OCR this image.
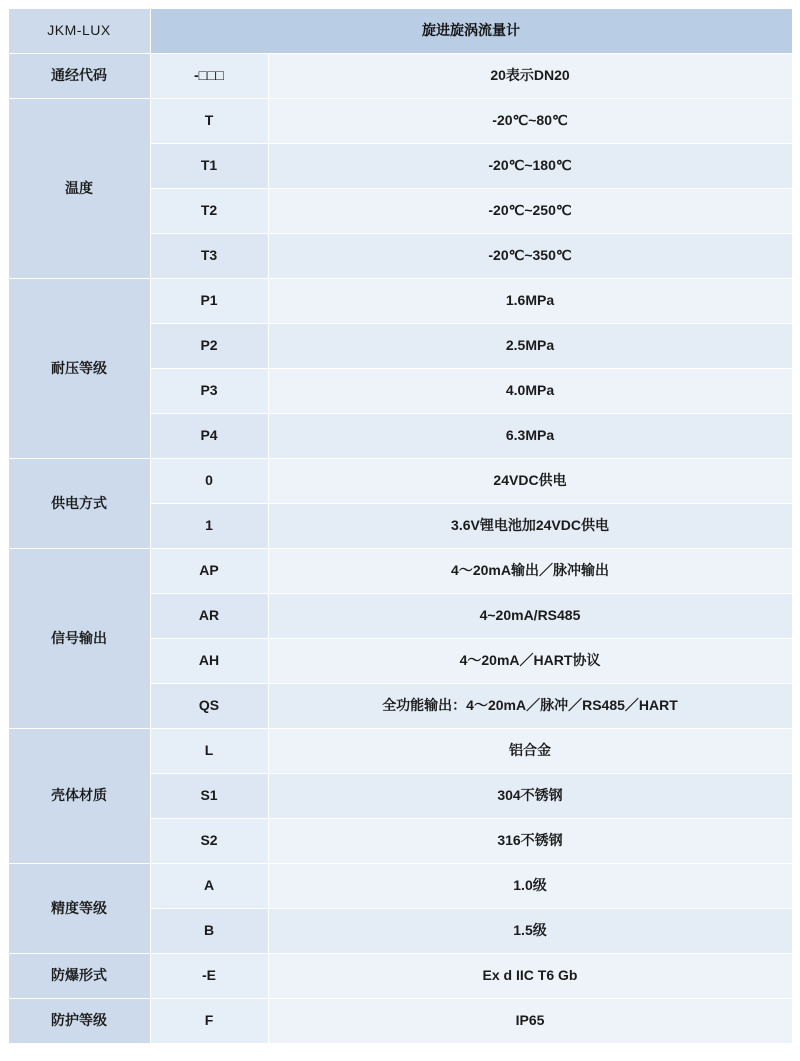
JKM-LUX	旋进旋涡流量计	
通经代码	-□□□	20表示DN20
温度	T	-20℃~80℃
	T1	-20℃~180℃
	T2	-20℃~250℃
	T3	-20℃~350℃
耐压等级	P1	1.6MPa
	P2	2.5MPa
	P3	4.0MPa
	P4	6.3MPa
供电方式	0	24VDC供电
	1	3.6V锂电池加24VDC供电
信号输出	AP	4～20mA输出／脉冲输出
	AR	4~20mA/RS485
	AH	4～20mA／HART协议
	QS	全功能输出：4～20mA／脉冲／RS485／HART
壳体材质	L	铝合金
	S1	304不锈钢
	S2	316不锈钢
精度等级	A	1.0级
	B	1.5级
防爆形式	-E	Ex d IIC T6 Gb
防护等级	F	IP65
